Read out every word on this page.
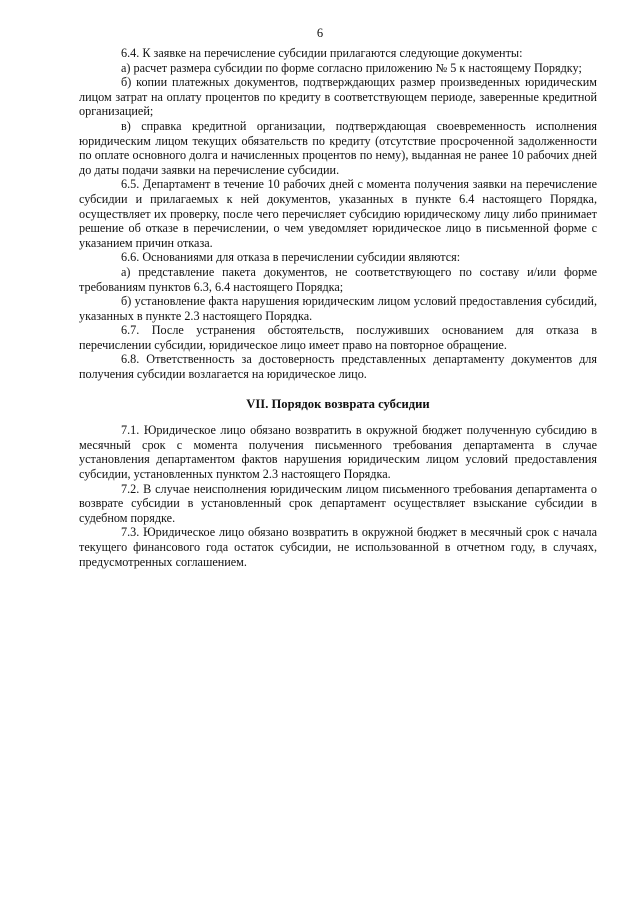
6

6.4. К заявке на перечисление субсидии прилагаются следующие документы:

а) расчет размера субсидии по форме согласно приложению № 5 к настоящему Порядку;

б) копии платежных документов, подтверждающих размер произведенных юридическим лицом затрат на оплату процентов по кредиту в соответствующем периоде, заверенные кредитной организацией;

в) справка кредитной организации, подтверждающая своевременность исполнения юридическим лицом текущих обязательств по кредиту (отсутствие просроченной задолженности по оплате основного долга и начисленных процентов по нему), выданная не ранее 10 рабочих дней до даты подачи заявки на перечисление субсидии.

6.5. Департамент в течение 10 рабочих дней с момента получения заявки на перечисление субсидии и прилагаемых к ней документов, указанных в пункте 6.4 настоящего Порядка, осуществляет их проверку, после чего перечисляет субсидию юридическому лицу либо принимает решение об отказе в перечислении, о чем уведомляет юридическое лицо в письменной форме с указанием причин отказа.

6.6. Основаниями для отказа в перечислении субсидии являются:

а) представление пакета документов, не соответствующего по составу и/или форме требованиям пунктов 6.3, 6.4 настоящего Порядка;

б) установление факта нарушения юридическим лицом условий предоставления субсидий, указанных в пункте 2.3 настоящего Порядка.

6.7. После устранения обстоятельств, послуживших основанием для отказа в перечислении субсидии, юридическое лицо имеет право на повторное обращение.

6.8. Ответственность за достоверность представленных департаменту документов для получения субсидии возлагается на юридическое лицо.

VII. Порядок возврата субсидии

7.1. Юридическое лицо обязано возвратить в окружной бюджет полученную субсидию в месячный срок с момента получения письменного требования департамента в случае установления департаментом фактов нарушения юридическим лицом условий предоставления субсидии, установленных пунктом 2.3 настоящего Порядка.

7.2. В случае неисполнения юридическим лицом письменного требования департамента о возврате субсидии в установленный срок департамент осуществляет взыскание субсидии в судебном порядке.

7.3. Юридическое лицо обязано возвратить в окружной бюджет в месячный срок с начала текущего финансового года остаток субсидии, не использованной в отчетном году, в случаях, предусмотренных соглашением.
